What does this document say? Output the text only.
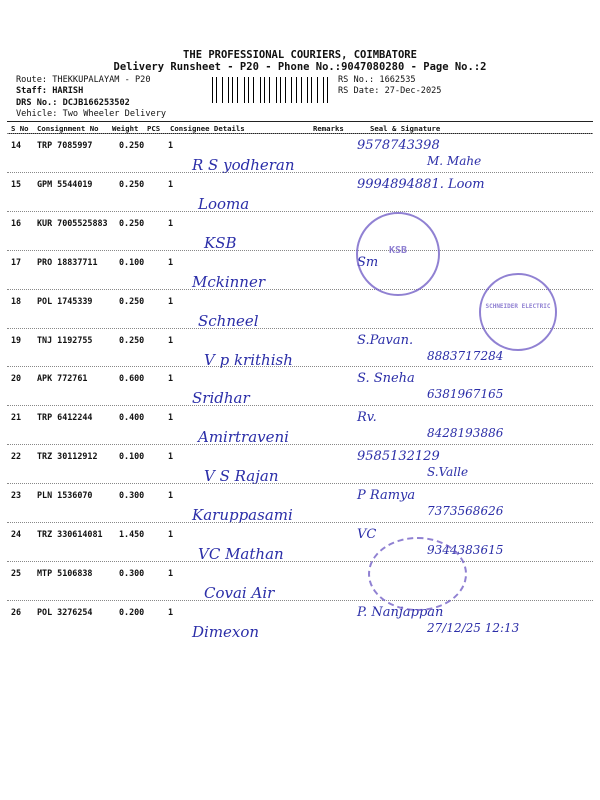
THE PROFESSIONAL COURIERS, COIMBATORE
Delivery Runsheet - P20 - Phone No.:9047080280 - Page No.:2
Route: THEKKUPALAYAM - P20
Staff: HARISH
DRS No.: DCJB166253502
Vehicle: Two Wheeler Delivery
RS No.: 1662535
RS Date: 27-Dec-2025
S No Consignment No Weight PCS Consignee Details	Remarks	Seal & Signature
14 TRP 7085997	0.250	1
R S yodheran
9578743398
M. Mahe
15 GPM 5544019	0.250	1
Looma
9994894881. Loom
16 KUR 7005525883 0.250	1
KSB
17 PRO 18837711	0.100	1
Mckinner
Sm
18 POL 1745339	0.250	1
Schneel
19 TNJ 1192755	0.250	1
V p krithish
S.Pavan.
8883717284
20 APK 772761	0.600	1
Sridhar
S. Sneha
6381967165
21 TRP 6412244	0.400	1
Amirtraveni
Rv.
8428193886
22 TRZ 30112912	0.100	1
V S Rajan
9585132129
S.Valle
23 PLN 1536070	0.300	1
Karuppasami
P Ramya
7373568626
24 TRZ 330614081 1.450	1
VC Mathan
VC
9344383615
25 MTP 5106838	0.300	1
Covai Air
26 POL 3276254	0.200	1
Dimexon
P. Nanjappan
27/12/25 12:13
KSB
SCHNEIDER ELECTRIC
